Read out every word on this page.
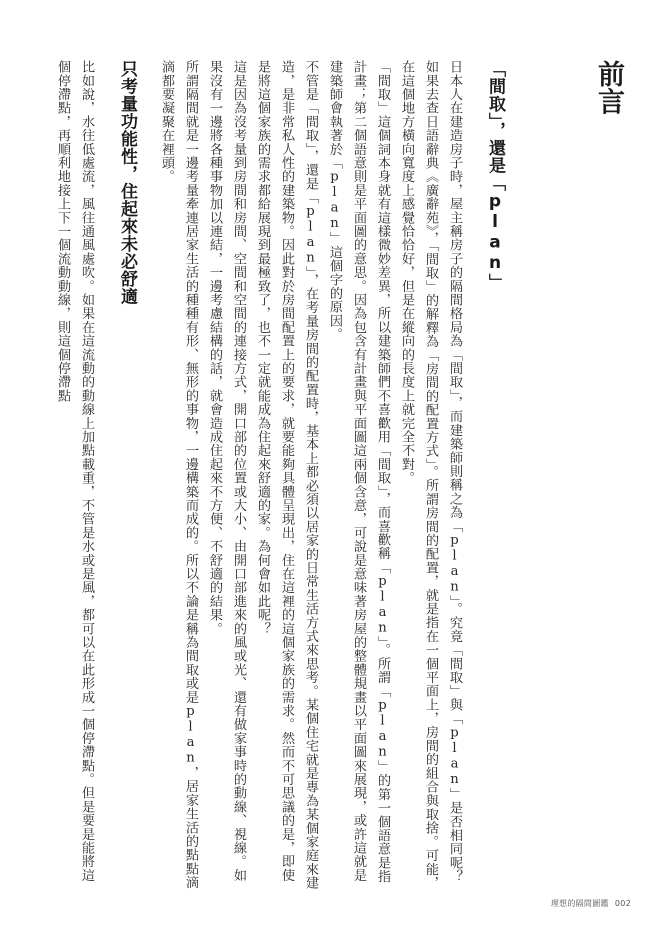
前言
「間取」，還是「plan」
日本人在建造房子時，屋主稱房子的隔間格局為「間取」，而建築師則稱之為「plan」。究竟「間取」與「plan」是否相同呢？
如果去查日語辭典《廣辭苑》，「間取」的解釋為「房間的配置方式」。所謂房間的配置，就是指在一個平面上，房間的組合與取捨。可能，在這個地方橫向寬度上感覺恰恰好，但是在縱向的長度上就完全不對。
「間取」這個詞本身就有這樣微妙差異，所以建築師們不喜歡用「間取」，而喜歡稱「plan」。所謂「plan」的第一個語意是指計畫；第二個語意則是平面圖的意思。因為包含有計畫與平面圖這兩個含意，可說是意味著房屋的整體規畫以平面圖來展現，或許這就是建築師會執著於「plan」這個字的原因。
不管是「間取」，還是「plan」，在考量房間的配置時，基本上都必須以居家的日常生活方式來思考。某個住宅就是專為某個家庭來建造，是非常私人性的建築物。因此對於房間配置上的要求，就要能夠具體呈現出，住在這裡的這個家族的需求。然而不可思議的是，即使是將這個家族的需求都給展現到最極致了，也不一定就能成為住起來舒適的家。為何會如此呢？
這是因為沒考量到房間和房間、空間和空間的連接方式，開口部的位置或大小、由開口部進來的風或光、還有做家事時的動線、視線。如果沒有一邊將各種事物加以連結，一邊考慮結構的話，就會造成住起來不方便、不舒適的結果。
所謂隔間就是一邊考量牽連居家生活的種種有形、無形的事物，一邊構築而成的。所以不論是稱為間取或是plan，居家生活的點點滴滴都要凝聚在裡頭。
只考量功能性，住起來未必舒適
比如說，水往低處流，風往通風處吹。如果在這流動的動線上加點載重，不管是水或是風，都可以在此形成一個停滯點。但是要是能將這個停滯點，再順利地接上下一個流動動線，則這個停滯點
理想的隔間圖鑑 002
